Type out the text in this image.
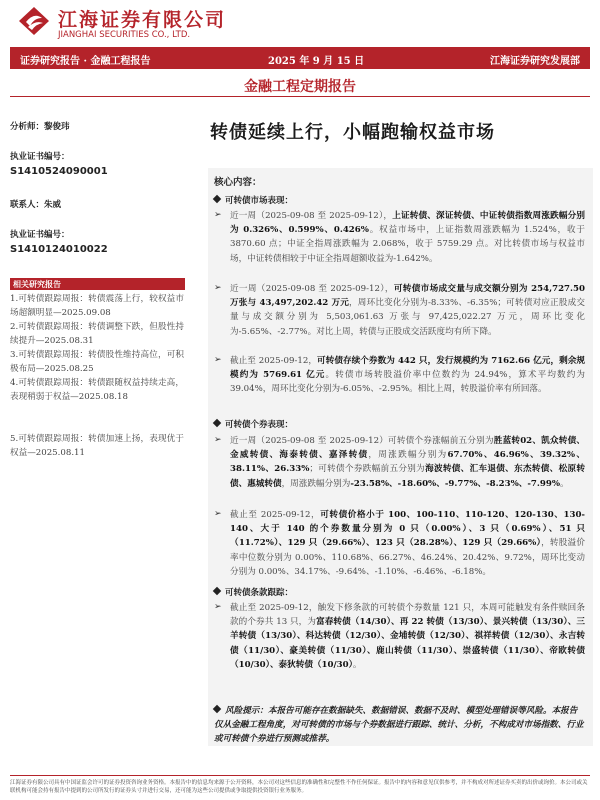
江海证券有限公司
JIANGHAI SECURITIES CO., LTD.
证券研究报告 · 金融工程报告	2025 年 9 月 15 日	江海证券研究发展部
金融工程定期报告
分析师：黎俊玮
执业证书编号：
S1410524090001
联系人：朱威
执业证书编号：
S1410124010022
相关研究报告
1.可转债跟踪周报：转债震荡上行，较权益市场超额明显—2025.09.08
2.可转债跟踪周报：转债调整下跌，但股性持续提升—2025.08.31
3.可转债跟踪周报：转债股性维持高位，可积极布局—2025.08.25
4.可转债跟踪周报：转债跟随权益持续走高，表现稍弱于权益—2025.08.18
5.可转债跟踪周报：转债加速上扬，表现优于权益—2025.08.11
转债延续上行，小幅跑输权益市场
核心内容：
可转债市场表现：
➢ 近一周（2025-09-08 至 2025-09-12），上证转债、深证转债、中证转债指数周涨跌幅分别为 0.326%、0.599%、0.426%。权益市场中，上证指数周涨跌幅为 1.524%，收于 3870.60 点；中证全指周涨跌幅为 2.068%，收于 5759.29 点。对比转债市场与权益市场，中证转债相较于中证全指周超额收益为-1.642%。
➢ 近一周（2025-09-08 至 2025-09-12），可转债市场成交量与成交额分别为 254,727.50 万张与 43,497,202.42 万元，周环比变化分别为-8.33%、-6.35%；可转债对应正股成交量与成交额分别为 5,503,061.63 万张与 97,425,022.27 万元，周环比变化为-5.65%、-2.77%。对比上周，转债与正股成交活跃度均有所下降。
➢ 截止至 2025-09-12，可转债存续个券数为 442 只，发行规模约为 7162.66 亿元，剩余规模约为 5769.61 亿元。转债市场转股溢价率中位数约为 24.94%，算术平均数约为 39.04%，周环比变化分别为-6.05%、-2.95%。相比上周，转股溢价率有所回落。
可转债个券表现：
➢ 近一周（2025-09-08 至 2025-09-12）可转债个券涨幅前五分别为胜蓝转02、凯众转债、金威转债、海泰转债、嘉泽转债，周涨跌幅分别为67.70%、46.96%、39.32%、38.11%、26.33%；可转债个券跌幅前五分别为海波转债、汇车退债、东杰转债、松原转债、惠城转债，周涨跌幅分别为-23.58%、-18.60%、-9.77%、-8.23%、-7.99%。
➢ 截止至 2025-09-12，可转债价格小于 100、100-110、110-120、120-130、130-140、大于 140 的个券数量分别为 0 只（0.00%）、3 只（0.69%）、51 只（11.72%）、129 只（29.66%）、123 只（28.28%）、129 只（29.66%），转股溢价率中位数分别为 0.00%、110.68%、66.27%、46.24%、20.42%、9.72%，周环比变动分别为 0.00%、34.17%、-9.64%、-1.10%、-6.46%、-6.18%。
可转债条款跟踪：
➢ 截止至 2025-09-12，触发下修条款的可转债个券数量 121 只，本周可能触发有条件赎回条款的个券共 13 只，为富春转债（14/30）、再 22 转债（13/30）、景兴转债（13/30）、三羊转债（13/30）、科达转债（12/30）、金埔转债（12/30）、祺祥转债（12/30）、永吉转债（11/30）、豪美转债（11/30）、鹿山转债（11/30）、崇盛转债（11/30）、帝欧转债（10/30）、泰狄转债（10/30）。
风险提示：本报告可能存在数据缺失、数据错误、数据不及时、模型处理错误等风险。本报告仅从金融工程角度，对可转债的市场与个券数据进行跟踪、统计、分析，不构成对市场指数、行业或可转债个券进行预测或推荐。
江海证券有限公司具有中国证监会许可的证券投资咨询业务资格。本报告中的信息均来源于公开资料，本公司对这些信息的准确性和完整性不作任何保证。报告中的内容和意见仅供参考，并不构成对所述证券买卖的出价或询价。本公司或关联机构可能会持有报告中提到的公司所发行的证券头寸并进行交易，还可能为这些公司提供或争取提供投资银行业务服务。
